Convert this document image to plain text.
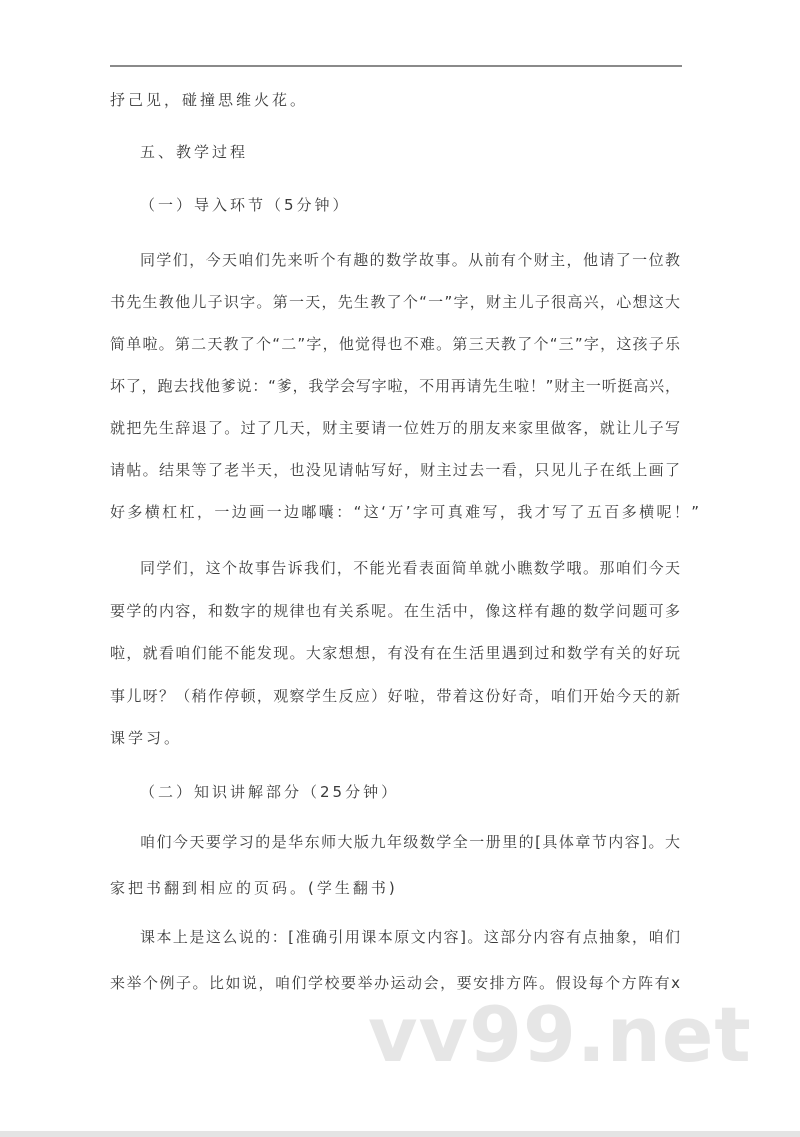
抒己见，碰撞思维火花。
五、教学过程
（一）导入环节（5分钟）
同学们，今天咱们先来听个有趣的数学故事。从前有个财主，他请了一位教
书先生教他儿子识字。第一天，先生教了个“一”字，财主儿子很高兴，心想这大
简单啦。第二天教了个“二”字，他觉得也不难。第三天教了个“三”字，这孩子乐
坏了，跑去找他爹说：“爹，我学会写字啦，不用再请先生啦！”财主一听挺高兴，
就把先生辞退了。过了几天，财主要请一位姓万的朋友来家里做客，就让儿子写
请帖。结果等了老半天，也没见请帖写好，财主过去一看，只见儿子在纸上画了
好多横杠杠，一边画一边嘟囔：“这‘万’字可真难写，我才写了五百多横呢！”
同学们，这个故事告诉我们，不能光看表面简单就小瞧数学哦。那咱们今天
要学的内容，和数字的规律也有关系呢。在生活中，像这样有趣的数学问题可多
啦，就看咱们能不能发现。大家想想，有没有在生活里遇到过和数学有关的好玩
事儿呀？（稍作停顿，观察学生反应）好啦，带着这份好奇，咱们开始今天的新
课学习。
（二）知识讲解部分（25分钟）
咱们今天要学习的是华东师大版九年级数学全一册里的[具体章节内容]。大
家把书翻到相应的页码。(学生翻书)
课本上是这么说的：[准确引用课本原文内容]。这部分内容有点抽象，咱们
来举个例子。比如说，咱们学校要举办运动会，要安排方阵。假设每个方阵有x
vv99.net
